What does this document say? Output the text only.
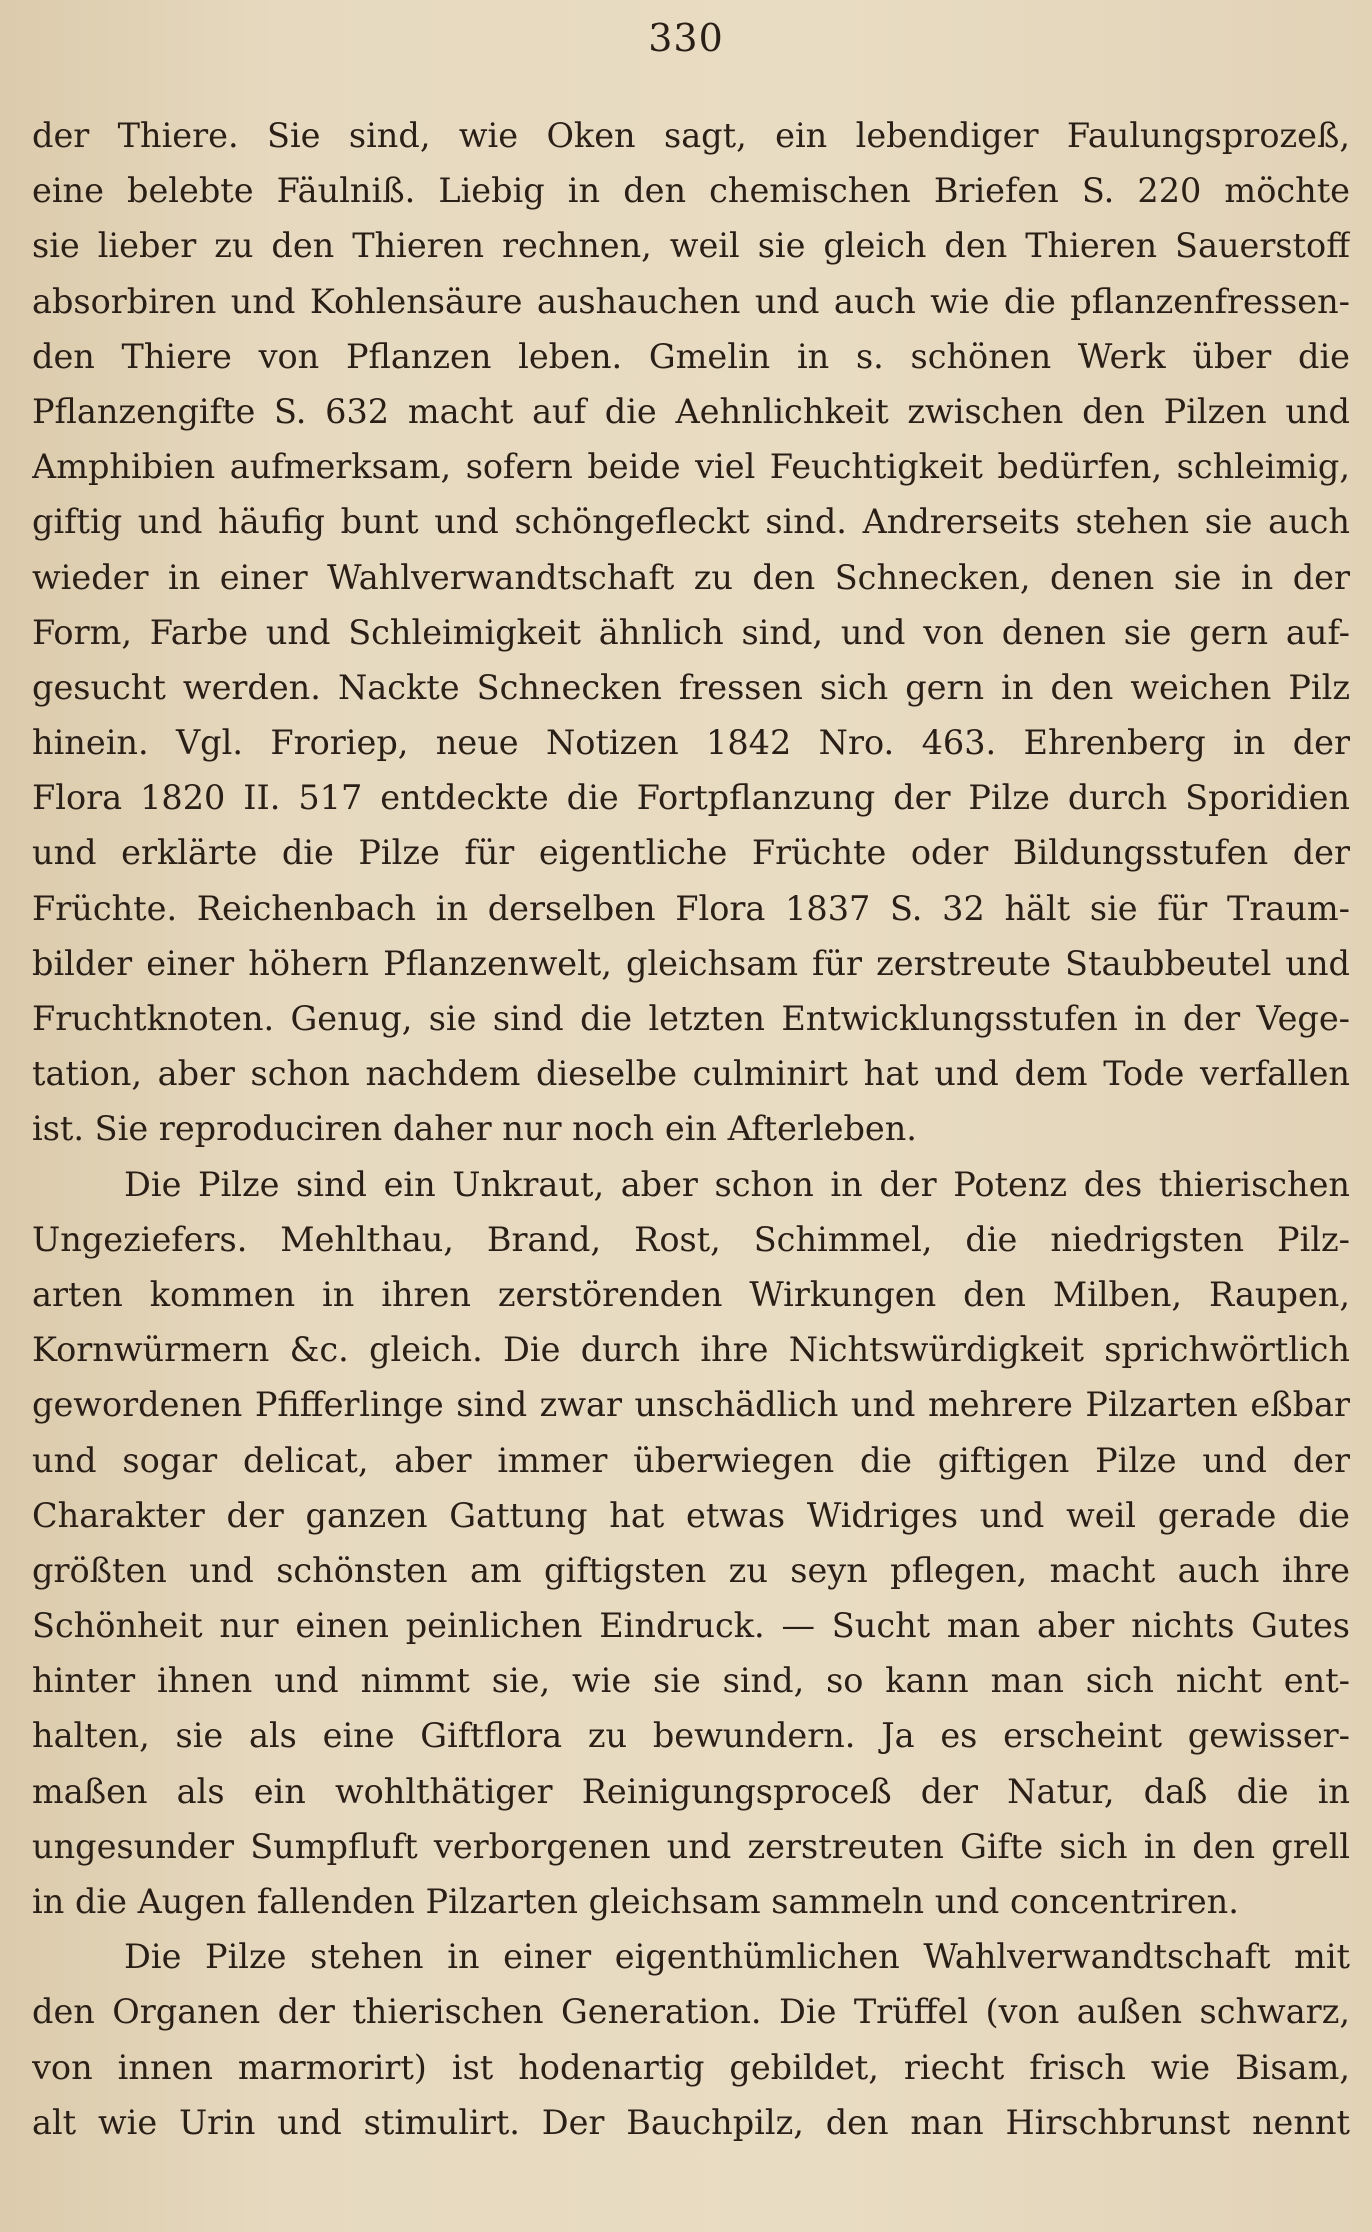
330
der Thiere. Sie sind, wie Oken sagt, ein lebendiger Faulungsprozeß,
eine belebte Fäulniß. Liebig in den chemischen Briefen S. 220 möchte
sie lieber zu den Thieren rechnen, weil sie gleich den Thieren Sauerstoff
absorbiren und Kohlensäure aushauchen und auch wie die pflanzenfressen-
den Thiere von Pflanzen leben. Gmelin in s. schönen Werk über die
Pflanzengifte S. 632 macht auf die Aehnlichkeit zwischen den Pilzen und
Amphibien aufmerksam, sofern beide viel Feuchtigkeit bedürfen, schleimig,
giftig und häufig bunt und schöngefleckt sind. Andrerseits stehen sie auch
wieder in einer Wahlverwandtschaft zu den Schnecken, denen sie in der
Form, Farbe und Schleimigkeit ähnlich sind, und von denen sie gern auf-
gesucht werden. Nackte Schnecken fressen sich gern in den weichen Pilz
hinein. Vgl. Froriep, neue Notizen 1842 Nro. 463. Ehrenberg in der
Flora 1820 II. 517 entdeckte die Fortpflanzung der Pilze durch Sporidien
und erklärte die Pilze für eigentliche Früchte oder Bildungsstufen der
Früchte. Reichenbach in derselben Flora 1837 S. 32 hält sie für Traum-
bilder einer höhern Pflanzenwelt, gleichsam für zerstreute Staubbeutel und
Fruchtknoten. Genug, sie sind die letzten Entwicklungsstufen in der Vege-
tation, aber schon nachdem dieselbe culminirt hat und dem Tode verfallen
ist. Sie reproduciren daher nur noch ein Afterleben.
Die Pilze sind ein Unkraut, aber schon in der Potenz des thierischen
Ungeziefers. Mehlthau, Brand, Rost, Schimmel, die niedrigsten Pilz-
arten kommen in ihren zerstörenden Wirkungen den Milben, Raupen,
Kornwürmern &c. gleich. Die durch ihre Nichtswürdigkeit sprichwörtlich
gewordenen Pfifferlinge sind zwar unschädlich und mehrere Pilzarten eßbar
und sogar delicat, aber immer überwiegen die giftigen Pilze und der
Charakter der ganzen Gattung hat etwas Widriges und weil gerade die
größten und schönsten am giftigsten zu seyn pflegen, macht auch ihre
Schönheit nur einen peinlichen Eindruck. — Sucht man aber nichts Gutes
hinter ihnen und nimmt sie, wie sie sind, so kann man sich nicht ent-
halten, sie als eine Giftflora zu bewundern. Ja es erscheint gewisser-
maßen als ein wohlthätiger Reinigungsproceß der Natur, daß die in
ungesunder Sumpfluft verborgenen und zerstreuten Gifte sich in den grell
in die Augen fallenden Pilzarten gleichsam sammeln und concentriren.
Die Pilze stehen in einer eigenthümlichen Wahlverwandtschaft mit
den Organen der thierischen Generation. Die Trüffel (von außen schwarz,
von innen marmorirt) ist hodenartig gebildet, riecht frisch wie Bisam,
alt wie Urin und stimulirt. Der Bauchpilz, den man Hirschbrunst nennt
